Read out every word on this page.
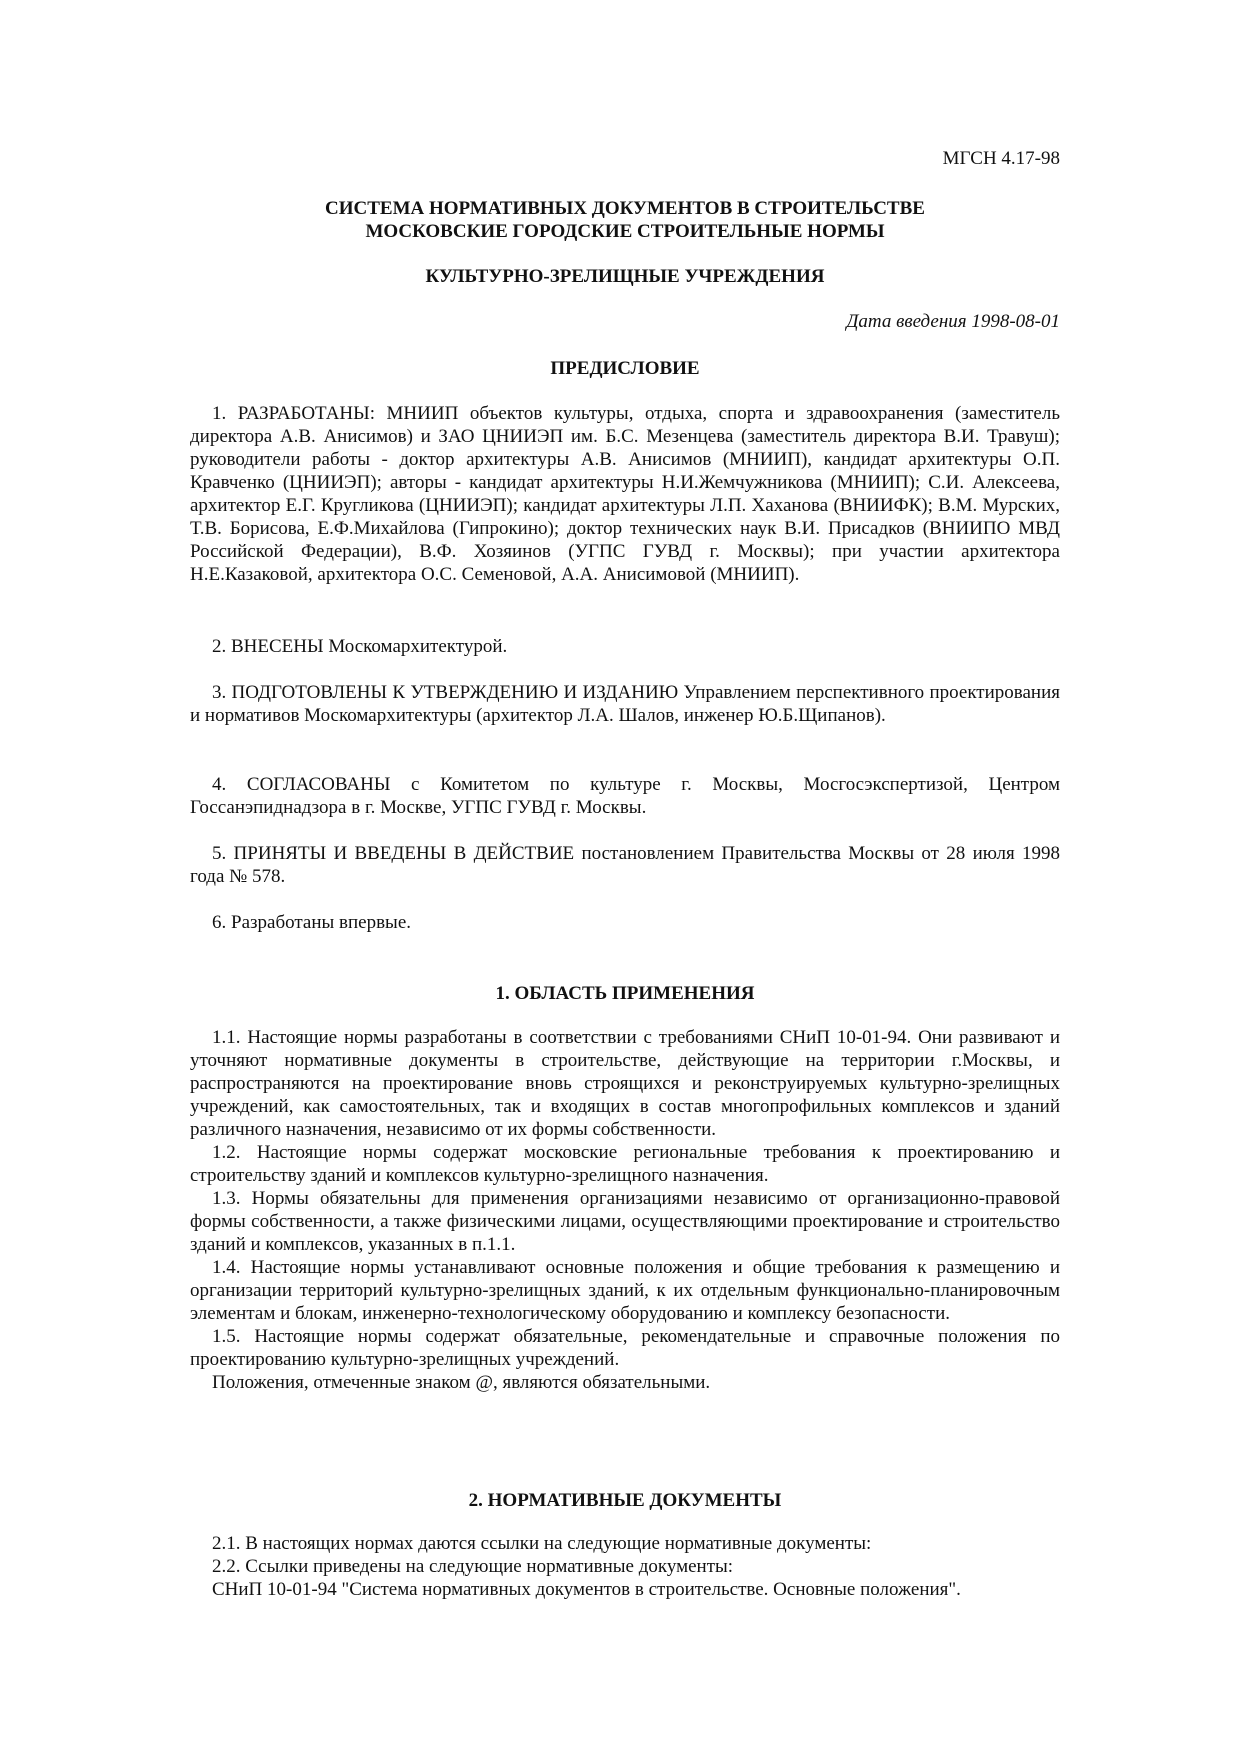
МГСН 4.17-98

СИСТЕМА НОРМАТИВНЫХ ДОКУМЕНТОВ В СТРОИТЕЛЬСТВЕ

МОСКОВСКИЕ ГОРОДСКИЕ СТРОИТЕЛЬНЫЕ НОРМЫ

КУЛЬТУРНО-ЗРЕЛИЩНЫЕ УЧРЕЖДЕНИЯ

Дата введения 1998-08-01

ПРЕДИСЛОВИЕ

1. РАЗРАБОТАНЫ: МНИИП объектов культуры, отдыха, спорта и здравоохранения (заместитель директора А.В. Анисимов) и ЗАО ЦНИИЭП им. Б.С. Мезенцева (заместитель директора В.И. Травуш); руководители работы - доктор архитектуры А.В. Анисимов (МНИИП), кандидат архитектуры О.П. Кравченко (ЦНИИЭП); авторы - кандидат архитектуры Н.И.Жемчужникова (МНИИП); С.И. Алексеева, архитектор Е.Г. Кругликова (ЦНИИЭП); кандидат архитектуры Л.П. Хаханова (ВНИИФК); В.М. Мурских, Т.В. Борисова, Е.Ф.Михайлова (Гипрокино); доктор технических наук В.И. Присадков (ВНИИПО МВД Российской Федерации), В.Ф. Хозяинов (УГПС ГУВД г. Москвы); при участии архитектора Н.Е.Казаковой, архитектора О.С. Семеновой, А.А. Анисимовой (МНИИП).

2. ВНЕСЕНЫ Москомархитектурой.

3. ПОДГОТОВЛЕНЫ К УТВЕРЖДЕНИЮ И ИЗДАНИЮ Управлением перспективного проектирования и нормативов Москомархитектуры (архитектор Л.А. Шалов, инженер Ю.Б.Щипанов).

4. СОГЛАСОВАНЫ с Комитетом по культуре г. Москвы, Мосгосэкспертизой, Центром Госсанэпиднадзора в г. Москве, УГПС ГУВД г. Москвы.

5. ПРИНЯТЫ И ВВЕДЕНЫ В ДЕЙСТВИЕ постановлением Правительства Москвы от 28 июля 1998 года № 578.

6. Разработаны впервые.

1. ОБЛАСТЬ ПРИМЕНЕНИЯ

1.1. Настоящие нормы разработаны в соответствии с требованиями СНиП 10-01-94. Они развивают и уточняют нормативные документы в строительстве, действующие на территории г.Москвы, и распространяются на проектирование вновь строящихся и реконструируемых культурно-зрелищных учреждений, как самостоятельных, так и входящих в состав многопрофильных комплексов и зданий различного назначения, независимо от их формы собственности.

1.2. Настоящие нормы содержат московские региональные требования к проектированию и строительству зданий и комплексов культурно-зрелищного назначения.

1.3. Нормы обязательны для применения организациями независимо от организационно-правовой формы собственности, а также физическими лицами, осуществляющими проектирование и строительство зданий и комплексов, указанных в п.1.1.

1.4. Настоящие нормы устанавливают основные положения и общие требования к размещению и организации территорий культурно-зрелищных зданий, к их отдельным функционально-планировочным элементам и блокам, инженерно-технологическому оборудованию и комплексу безопасности.

1.5. Настоящие нормы содержат обязательные, рекомендательные и справочные положения по проектированию культурно-зрелищных учреждений.

Положения, отмеченные знаком @, являются обязательными.

2. НОРМАТИВНЫЕ ДОКУМЕНТЫ

2.1. В настоящих нормах даются ссылки на следующие нормативные документы:

2.2. Ссылки приведены на следующие нормативные документы:

СНиП 10-01-94 "Система нормативных документов в строительстве. Основные положения".
